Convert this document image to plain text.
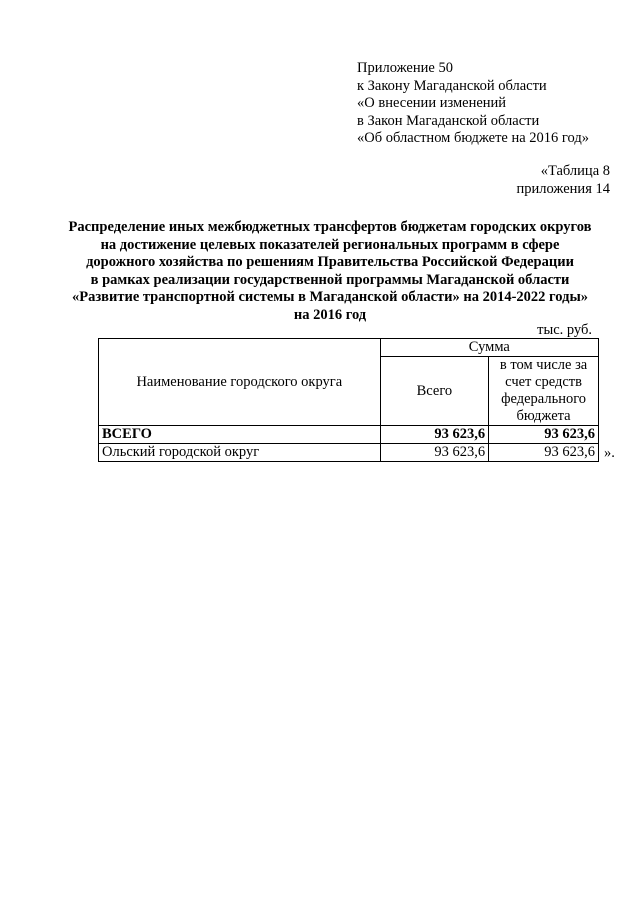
Приложение 50
к Закону Магаданской области
«О внесении изменений
в Закон Магаданской области
«Об областном бюджете на 2016 год»
«Таблица 8
приложения 14
Распределение иных межбюджетных трансфертов бюджетам городских округов
на достижение целевых показателей региональных программ в сфере
дорожного хозяйства по решениям Правительства Российской Федерации
в рамках реализации государственной программы Магаданской области
«Развитие транспортной системы в Магаданской области» на 2014-2022 годы»
на 2016 год
тыс. руб.
Наименование городского округа	Сумма	
	Всего	в том числе за счет средств федерального бюджета
ВСЕГО	93 623,6	93 623,6
Ольский городской округ	93 623,6	93 623,6 ».
